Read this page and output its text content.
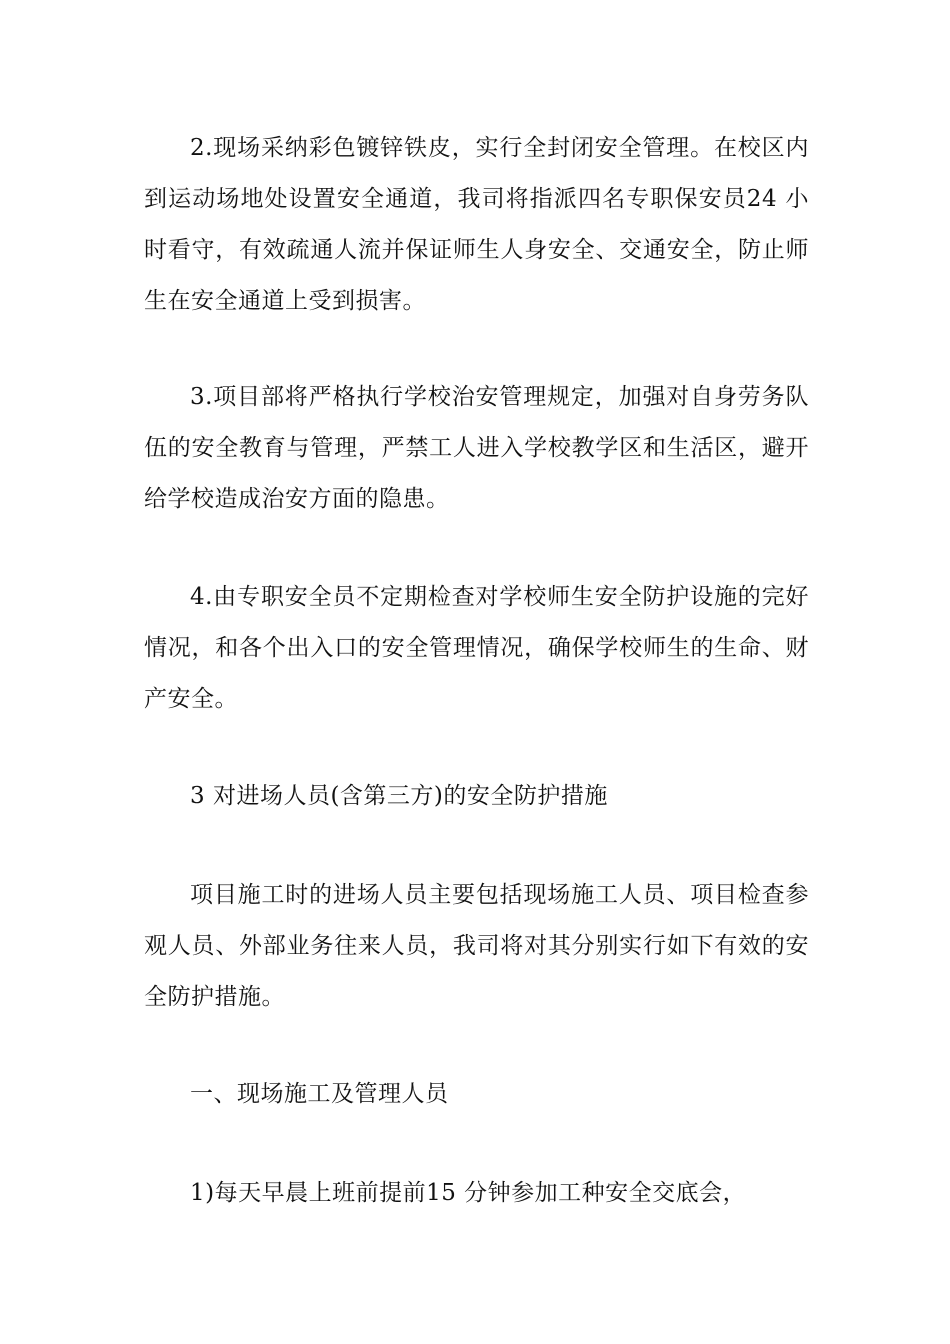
2.现场采纳彩色镀锌铁皮，实行全封闭安全管理。在校区内到运动场地处设置安全通道，我司将指派四名专职保安员24 小时看守，有效疏通人流并保证师生人身安全、交通安全，防止师生在安全通道上受到损害。

3.项目部将严格执行学校治安管理规定，加强对自身劳务队伍的安全教育与管理，严禁工人进入学校教学区和生活区，避开给学校造成治安方面的隐患。

4.由专职安全员不定期检查对学校师生安全防护设施的完好情况，和各个出入口的安全管理情况，确保学校师生的生命、财产安全。

3 对进场人员(含第三方)的安全防护措施

项目施工时的进场人员主要包括现场施工人员、项目检查参观人员、外部业务往来人员，我司将对其分别实行如下有效的安全防护措施。

一、现场施工及管理人员

1)每天早晨上班前提前15 分钟参加工种安全交底会，
